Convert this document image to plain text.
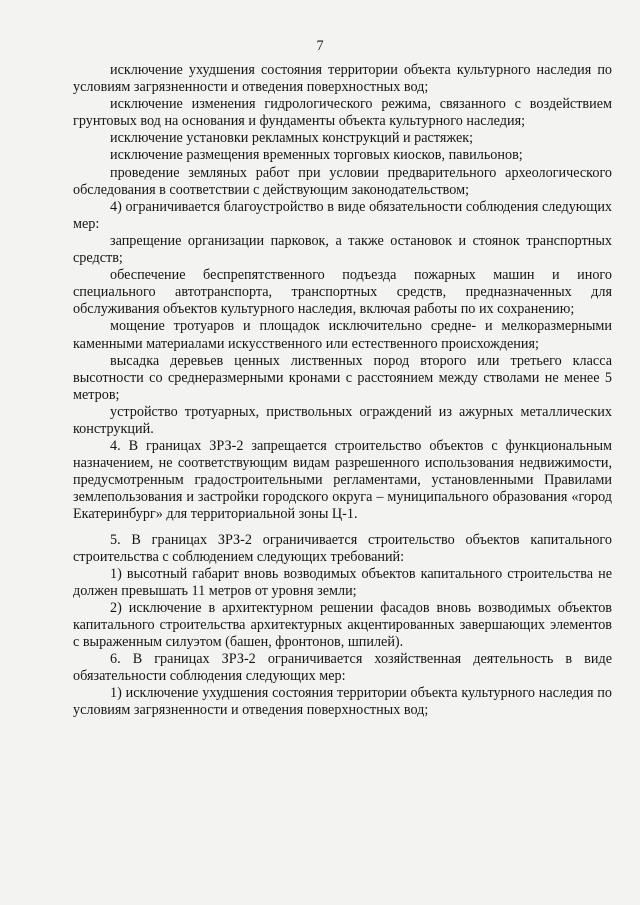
7

исключение ухудшения состояния территории объекта культурного наследия по условиям загрязненности и отведения поверхностных вод;

исключение изменения гидрологического режима, связанного с воздействием грунтовых вод на основания и фундаменты объекта культурного наследия;

исключение установки рекламных конструкций и растяжек;

исключение размещения временных торговых киосков, павильонов;

проведение земляных работ при условии предварительного археологического обследования в соответствии с действующим законодательством;

4) ограничивается благоустройство в виде обязательности соблюдения следующих мер:

запрещение организации парковок, а также остановок и стоянок транспортных средств;

обеспечение беспрепятственного подъезда пожарных машин и иного специального автотранспорта, транспортных средств, предназначенных для обслуживания объектов культурного наследия, включая работы по их сохранению;

мощение тротуаров и площадок исключительно средне- и мелкоразмерными каменными материалами искусственного или естественного происхождения;

высадка деревьев ценных лиственных пород второго или третьего класса высотности со среднеразмерными кронами с расстоянием между стволами не менее 5 метров;

устройство тротуарных, приствольных ограждений из ажурных металлических конструкций.

4. В границах ЗРЗ-2 запрещается строительство объектов с функциональным назначением, не соответствующим видам разрешенного использования недвижимости, предусмотренным градостроительными регламентами, установленными Правилами землепользования и застройки городского округа – муниципального образования «город Екатеринбург» для территориальной зоны Ц-1.

5. В границах ЗРЗ-2 ограничивается строительство объектов капитального строительства с соблюдением следующих требований:

1) высотный габарит вновь возводимых объектов капитального строительства не должен превышать 11 метров от уровня земли;

2) исключение в архитектурном решении фасадов вновь возводимых объектов капитального строительства архитектурных акцентированных завершающих элементов с выраженным силуэтом (башен, фронтонов, шпилей).

6. В границах ЗРЗ-2 ограничивается хозяйственная деятельность в виде обязательности соблюдения следующих мер:

1) исключение ухудшения состояния территории объекта культурного наследия по условиям загрязненности и отведения поверхностных вод;
